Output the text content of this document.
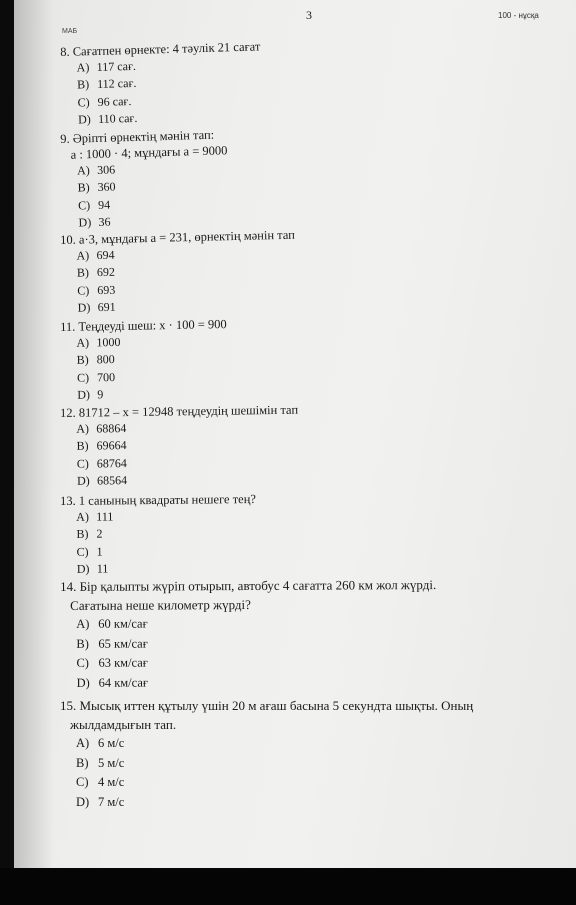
3	100 - нұсқа
МАБ
8. Сағатпен өрнекте: 4 тәулік 21 сағат
A) 117 сағ.
B) 112 сағ.
C) 96 сағ.
D) 110 сағ.
9. Әріпті өрнектің мәнін тап:
a : 1000 · 4; мұндағы a = 9000
A) 306
B) 360
C) 94
D) 36
10. a·3, мұндағы a = 231, өрнектің мәнін тап
A) 694
B) 692
C) 693
D) 691
11. Теңдеуді шеш: x · 100 = 900
A) 1000
B) 800
C) 700
D) 9
12. 81712 – x = 12948 теңдеудің шешімін тап
A) 68864
B) 69664
C) 68764
D) 68564
13. 1 санының квадраты нешеге тең?
A) 111
B) 2
C) 1
D) 11
14. Бір қалыпты жүріп отырып, автобус 4 сағатта 260 км жол жүрді.
Сағатына неше километр жүрді?
A) 60 км/сағ
B) 65 км/сағ
C) 63 км/сағ
D) 64 км/сағ
15. Мысық иттен құтылу үшін 20 м ағаш басына 5 секундта шықты. Оның
жылдамдығын тап.
A) 6 м/с
B) 5 м/с
C) 4 м/с
D) 7 м/с
